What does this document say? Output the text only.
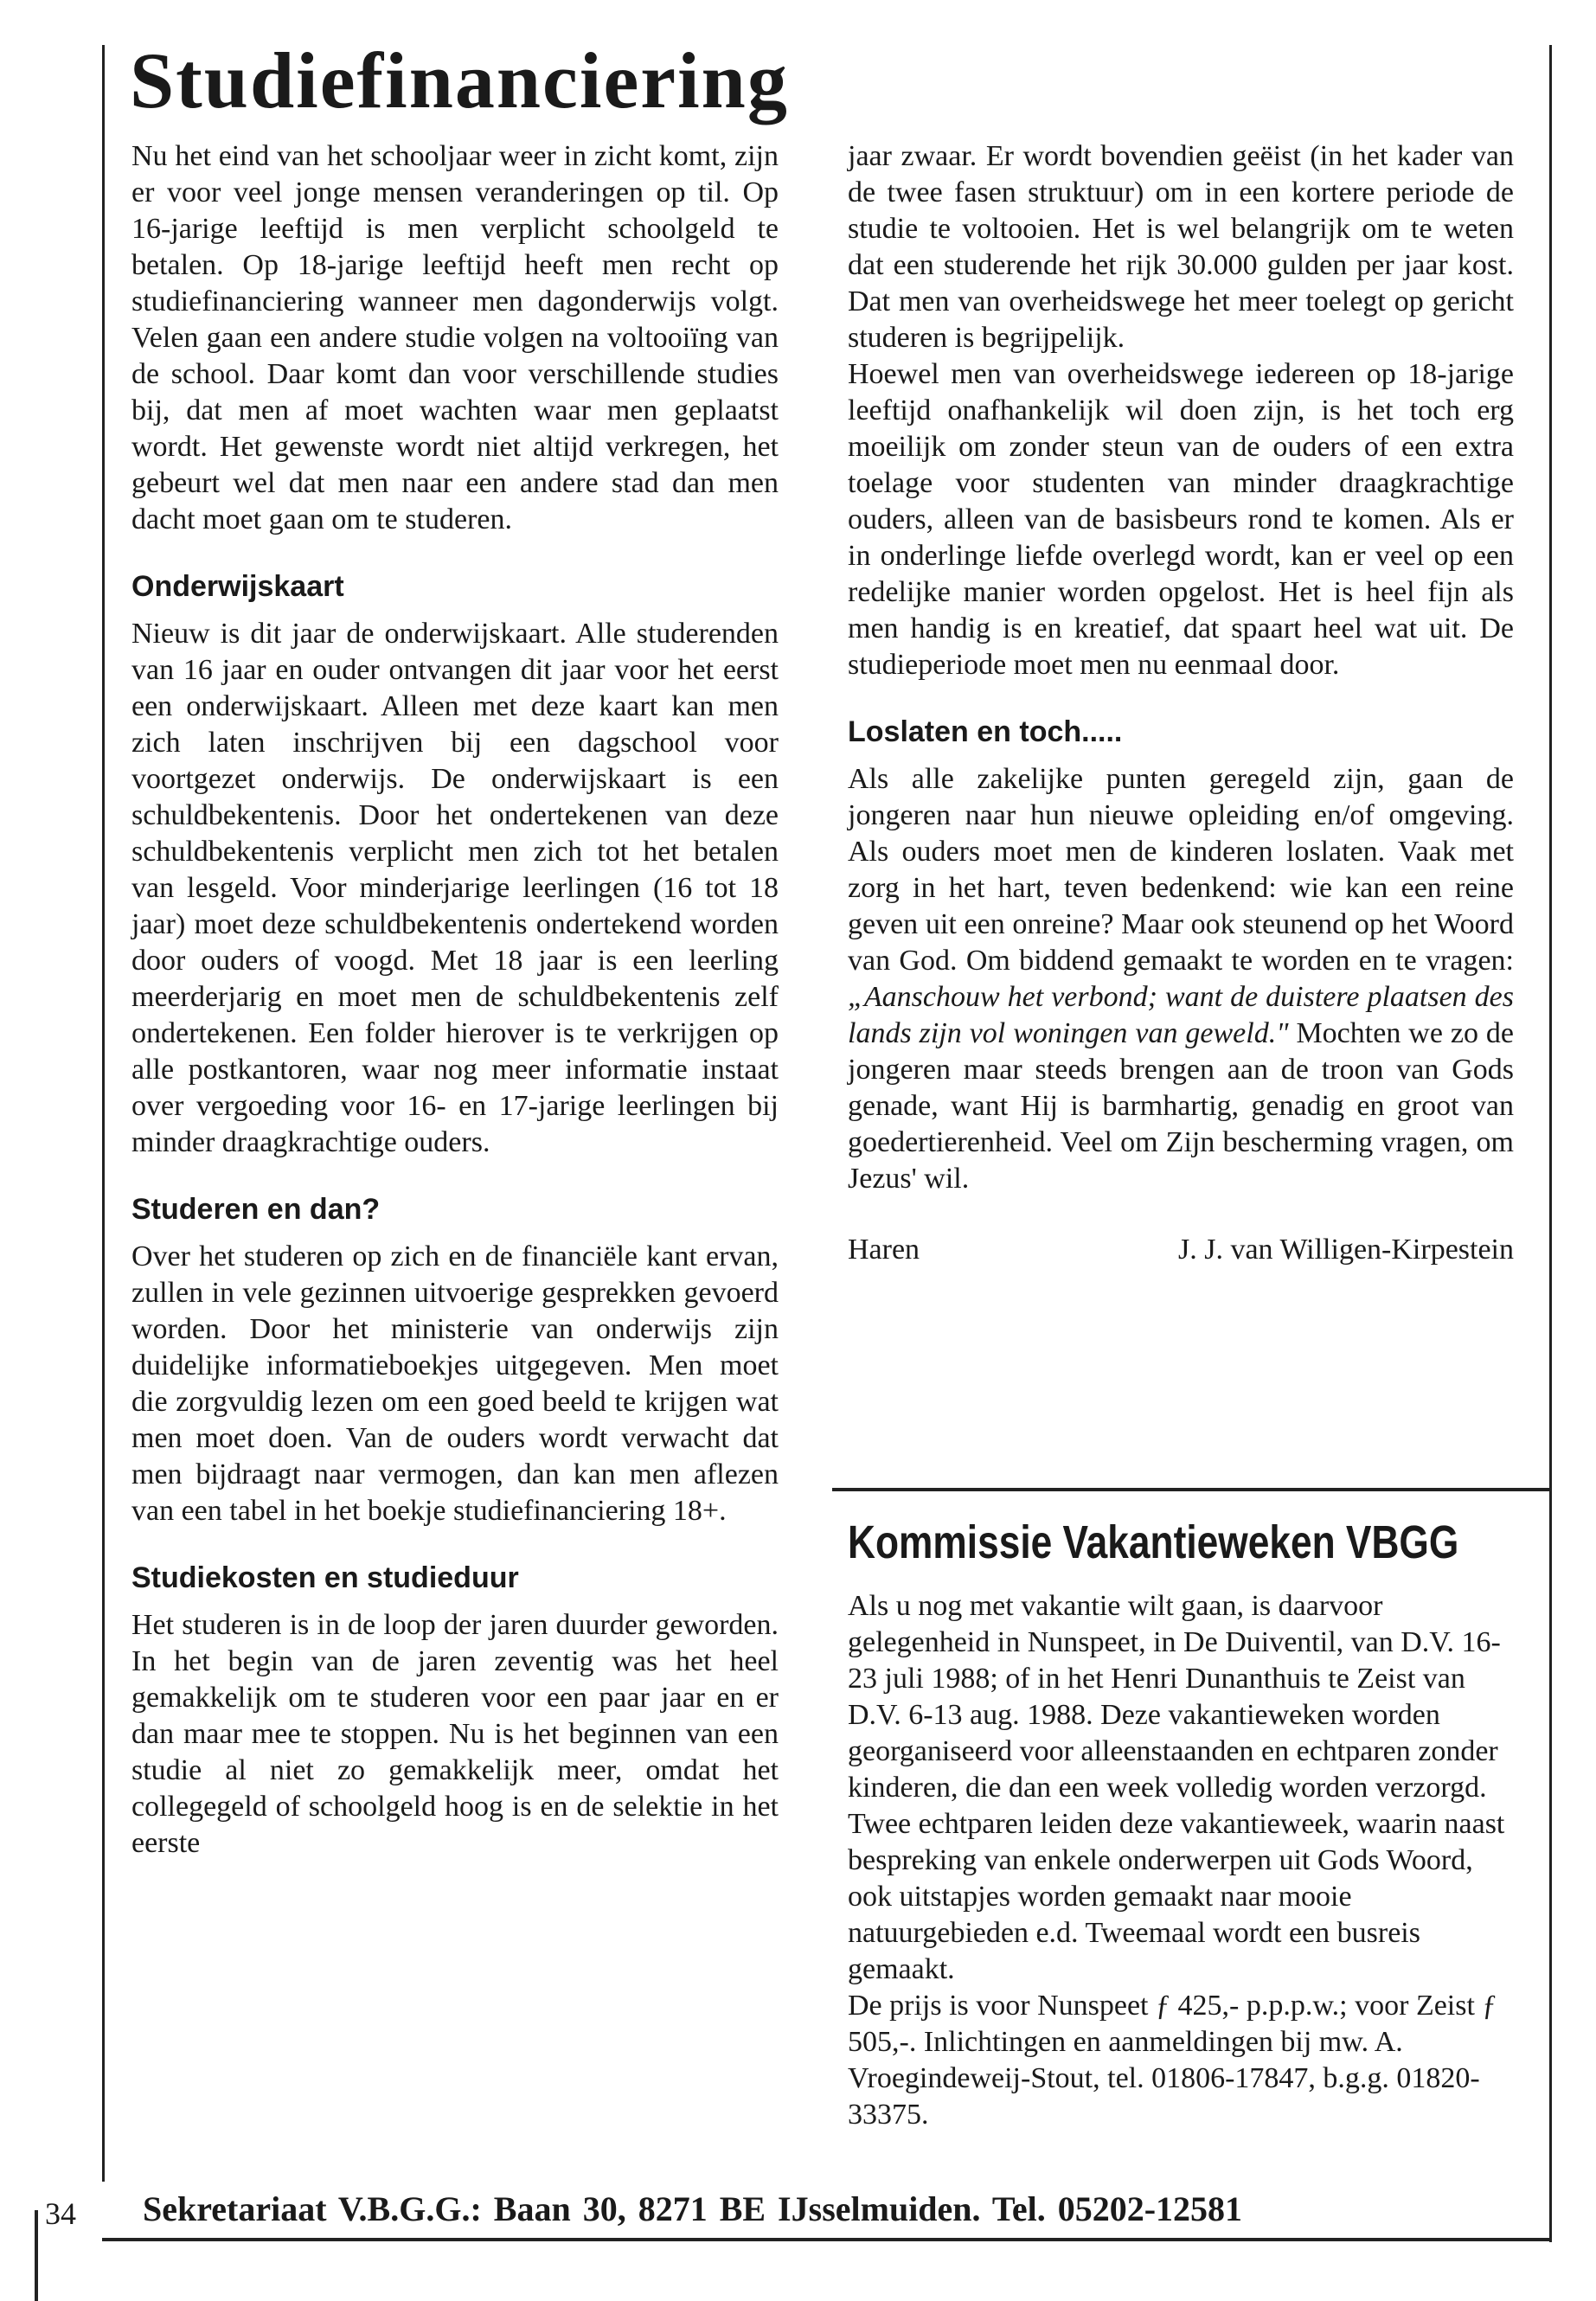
Studiefinanciering

Nu het eind van het schooljaar weer in zicht komt, zijn er voor veel jonge mensen veranderingen op til. Op 16-jarige leeftijd is men verplicht schoolgeld te betalen. Op 18-jarige leeftijd heeft men recht op studiefinanciering wanneer men dagonderwijs volgt. Velen gaan een andere studie volgen na voltooiïng van de school. Daar komt dan voor verschillende studies bij, dat men af moet wachten waar men geplaatst wordt. Het gewenste wordt niet altijd verkregen, het gebeurt wel dat men naar een andere stad dan men dacht moet gaan om te studeren.

Onderwijskaart

Nieuw is dit jaar de onderwijskaart. Alle studerenden van 16 jaar en ouder ontvangen dit jaar voor het eerst een onderwijskaart. Alleen met deze kaart kan men zich laten inschrijven bij een dagschool voor voortgezet onderwijs. De onderwijskaart is een schuldbekentenis. Door het ondertekenen van deze schuldbekentenis verplicht men zich tot het betalen van lesgeld. Voor minderjarige leerlingen (16 tot 18 jaar) moet deze schuldbekentenis ondertekend worden door ouders of voogd. Met 18 jaar is een leerling meerderjarig en moet men de schuldbekentenis zelf ondertekenen. Een folder hierover is te verkrijgen op alle postkantoren, waar nog meer informatie instaat over vergoeding voor 16- en 17-jarige leerlingen bij minder draagkrachtige ouders.

Studeren en dan?

Over het studeren op zich en de financiële kant ervan, zullen in vele gezinnen uitvoerige gesprekken gevoerd worden. Door het ministerie van onderwijs zijn duidelijke informatieboekjes uitgegeven. Men moet die zorgvuldig lezen om een goed beeld te krijgen wat men moet doen. Van de ouders wordt verwacht dat men bijdraagt naar vermogen, dan kan men aflezen van een tabel in het boekje studiefinanciering 18+.

Studiekosten en studieduur

Het studeren is in de loop der jaren duurder geworden. In het begin van de jaren zeventig was het heel gemakkelijk om te studeren voor een paar jaar en er dan maar mee te stoppen. Nu is het beginnen van een studie al niet zo gemakkelijk meer, omdat het collegegeld of schoolgeld hoog is en de selektie in het eerste

jaar zwaar. Er wordt bovendien geëist (in het kader van de twee fasen struktuur) om in een kortere periode de studie te voltooien. Het is wel belangrijk om te weten dat een studerende het rijk 30.000 gulden per jaar kost. Dat men van overheidswege het meer toelegt op gericht studeren is begrijpelijk.

Hoewel men van overheidswege iedereen op 18-jarige leeftijd onafhankelijk wil doen zijn, is het toch erg moeilijk om zonder steun van de ouders of een extra toelage voor studenten van minder draagkrachtige ouders, alleen van de basisbeurs rond te komen. Als er in onderlinge liefde overlegd wordt, kan er veel op een redelijke manier worden opgelost. Het is heel fijn als men handig is en kreatief, dat spaart heel wat uit. De studieperiode moet men nu eenmaal door.

Loslaten en toch.....

Als alle zakelijke punten geregeld zijn, gaan de jongeren naar hun nieuwe opleiding en/of omgeving. Als ouders moet men de kinderen loslaten. Vaak met zorg in het hart, teven bedenkend: wie kan een reine geven uit een onreine? Maar ook steunend op het Woord van God. Om biddend gemaakt te worden en te vragen: „Aanschouw het verbond; want de duistere plaatsen des lands zijn vol woningen van geweld." Mochten we zo de jongeren maar steeds brengen aan de troon van Gods genade, want Hij is barmhartig, genadig en groot van goedertierenheid. Veel om Zijn bescherming vragen, om Jezus' wil.

Haren	J. J. van Willigen-Kirpestein
Kommissie Vakantieweken VBGG

Als u nog met vakantie wilt gaan, is daarvoor gelegenheid in Nunspeet, in De Duiventil, van D.V. 16-23 juli 1988; of in het Henri Dunanthuis te Zeist van D.V. 6-13 aug. 1988. Deze vakantieweken worden georganiseerd voor alleenstaanden en echtparen zonder kinderen, die dan een week volledig worden verzorgd. Twee echtparen leiden deze vakantieweek, waarin naast bespreking van enkele onderwerpen uit Gods Woord, ook uitstapjes worden gemaakt naar mooie natuurgebieden e.d. Tweemaal wordt een busreis gemaakt.

De prijs is voor Nunspeet ƒ 425,- p.p.p.w.; voor Zeist ƒ 505,-. Inlichtingen en aanmeldingen bij mw. A. Vroegindeweij-Stout, tel. 01806-17847, b.g.g. 01820-33375.

34 Sekretariaat V.B.G.G.: Baan 30, 8271 BE IJsselmuiden. Tel. 05202-12581
